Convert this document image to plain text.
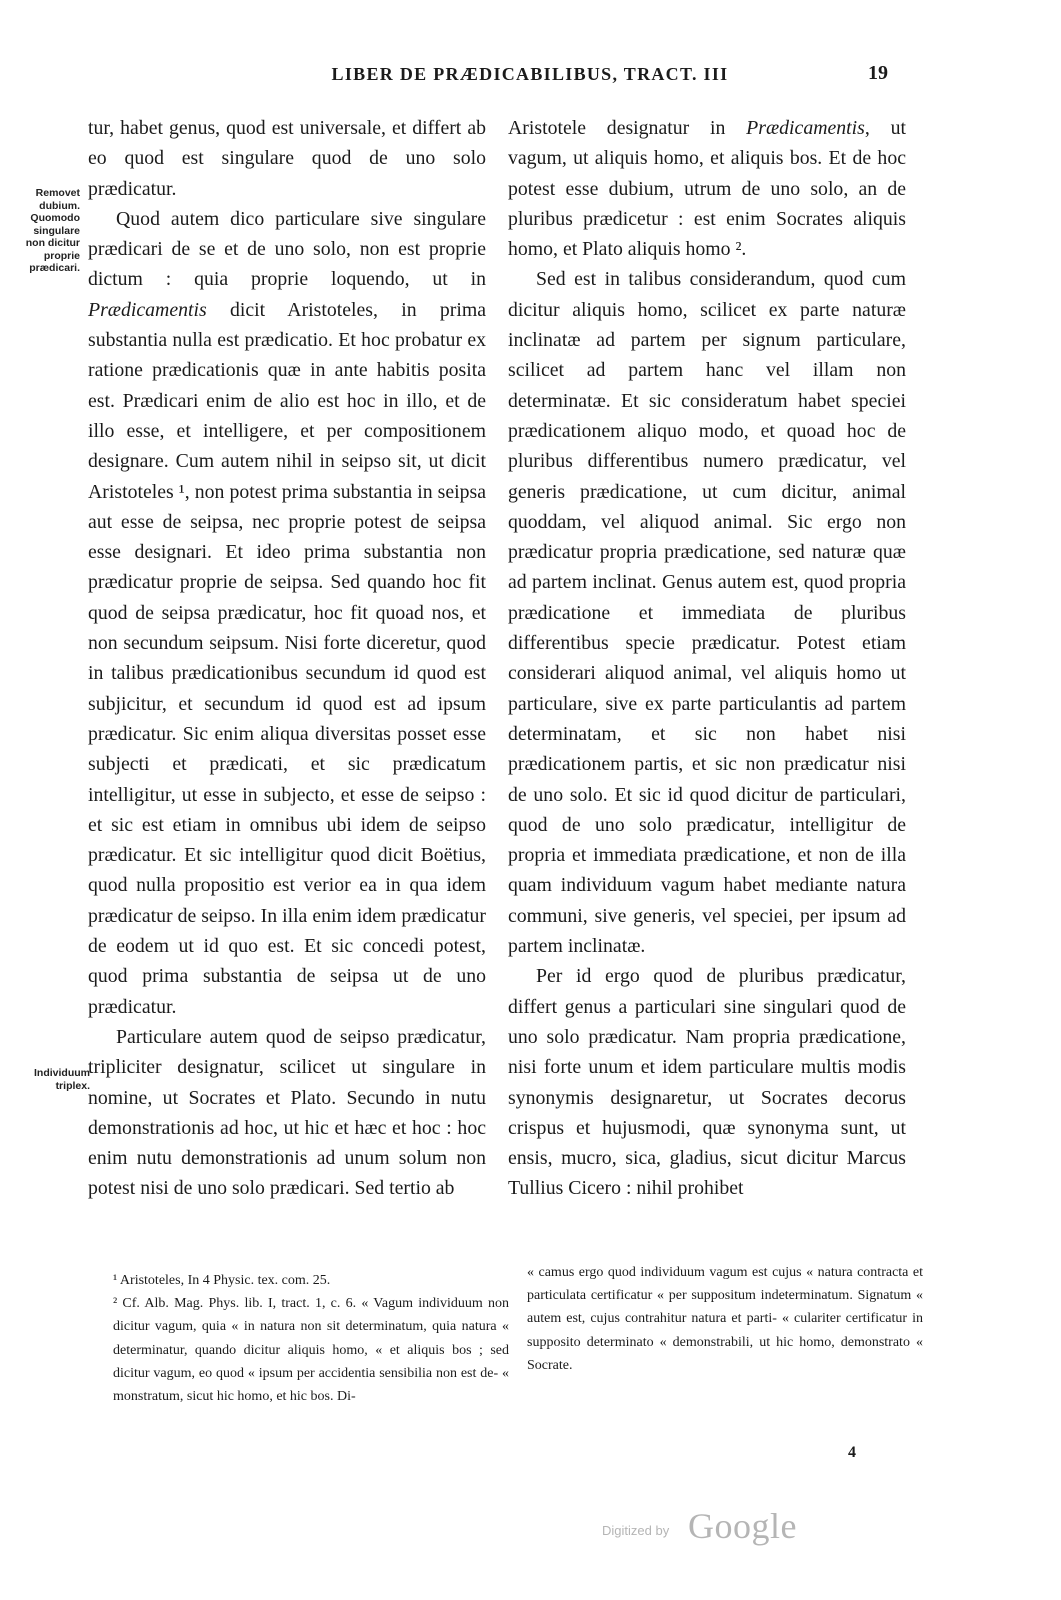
LIBER DE PRÆDICABILIBUS, TRACT. III	19
Removet dubium. Quomodo singulare non dicitur proprie prædicari.
Individuum triplex.

tur, habet genus, quod est universale, et differt ab eo quod est singulare quod de uno solo prædicatur.

Quod autem dico particulare sive singulare prædicari de se et de uno solo, non est proprie dictum : quia proprie loquendo, ut in Prædicamentis dicit Aristoteles, in prima substantia nulla est prædicatio. Et hoc probatur ex ratione prædicationis quæ in ante habitis posita est. Prædicari enim de alio est hoc in illo, et de illo esse, et intelligere, et per compositionem designare. Cum autem nihil in seipso sit, ut dicit Aristoteles ¹, non potest prima substantia in seipsa aut esse de seipsa, nec proprie potest de seipsa esse designari. Et ideo prima substantia non prædicatur proprie de seipsa. Sed quando hoc fit quod de seipsa prædicatur, hoc fit quoad nos, et non secundum seipsum. Nisi forte diceretur, quod in talibus prædicationibus secundum id quod est subjicitur, et secundum id quod est ad ipsum prædicatur. Sic enim aliqua diversitas posset esse subjecti et prædicati, et sic prædicatum intelligitur, ut esse in subjecto, et esse de seipso : et sic est etiam in omnibus ubi idem de seipso prædicatur. Et sic intelligitur quod dicit Boëtius, quod nulla propositio est verior ea in qua idem prædicatur de seipso. In illa enim idem prædicatur de eodem ut id quo est. Et sic concedi potest, quod prima substantia de seipsa ut de uno prædicatur.

Particulare autem quod de seipso prædicatur, tripliciter designatur, scilicet ut singulare in nomine, ut Socrates et Plato. Secundo in nutu demonstrationis ad hoc, ut hic et hæc et hoc : hoc enim nutu demonstrationis ad unum solum non potest nisi de uno solo prædicari. Sed tertio ab

Aristotele designatur in Prædicamentis, ut vagum, ut aliquis homo, et aliquis bos. Et de hoc potest esse dubium, utrum de uno solo, an de pluribus prædicetur : est enim Socrates aliquis homo, et Plato aliquis homo ².

Sed est in talibus considerandum, quod cum dicitur aliquis homo, scilicet ex parte naturæ inclinatæ ad partem per signum particulare, scilicet ad partem hanc vel illam non determinatæ. Et sic consideratum habet speciei prædicationem aliquo modo, et quoad hoc de pluribus differentibus numero prædicatur, vel generis prædicatione, ut cum dicitur, animal quoddam, vel aliquod animal. Sic ergo non prædicatur propria prædicatione, sed naturæ quæ ad partem inclinat. Genus autem est, quod propria prædicatione et immediata de pluribus differentibus specie prædicatur. Potest etiam considerari aliquod animal, vel aliquis homo ut particulare, sive ex parte particulantis ad partem determinatam, et sic non habet nisi prædicationem partis, et sic non prædicatur nisi de uno solo. Et sic id quod dicitur de particulari, quod de uno solo prædicatur, intelligitur de propria et immediata prædicatione, et non de illa quam individuum vagum habet mediante natura communi, sive generis, vel speciei, per ipsum ad partem inclinatæ.

Per id ergo quod de pluribus prædicatur, differt genus a particulari sine singulari quod de uno solo prædicatur. Nam propria prædicatione, nisi forte unum et idem particulare multis modis synonymis designaretur, ut Socrates decorus crispus et hujusmodi, quæ synonyma sunt, ut ensis, mucro, sica, gladius, sicut dicitur Marcus Tullius Cicero : nihil prohibet

¹ Aristoteles, In 4 Physic. tex. com. 25.

² Cf. Alb. Mag. Phys. lib. I, tract. 1, c. 6. « Vagum individuum non dicitur vagum, quia « in natura non sit determinatum, quia natura « determinatur, quando dicitur aliquis homo, « et aliquis bos ; sed dicitur vagum, eo quod « ipsum per accidentia sensibilia non est de- « monstratum, sicut hic homo, et hic bos. Di-

« camus ergo quod individuum vagum est cujus « natura contracta et particulata certificatur « per suppositum indeterminatum. Signatum « autem est, cujus contrahitur natura et parti- « culariter certificatur in supposito determinato « demonstrabili, ut hic homo, demonstrato « Socrate.

4
Digitized by Google
